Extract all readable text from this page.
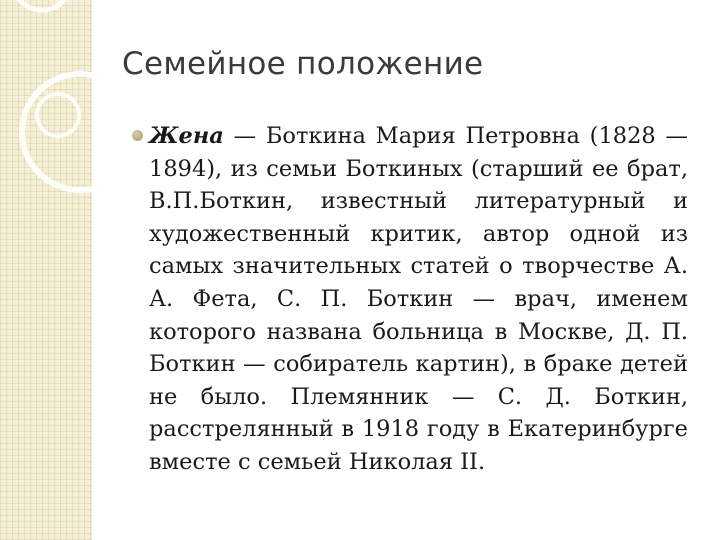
Семейное положение

Жена — Боткина Мария Петровна (1828 —1894), из семьи Боткиных (старший ее брат, В.П.Боткин, известный литературный и художественный критик, автор одной из самых значительных статей о творчестве А. А. Фета, С. П. Боткин — врач, именем которого названа больница в Москве, Д. П. Боткин — собиратель картин), в браке детей не было. Племянник — С. Д. Боткин, расстрелянный в 1918 году в Екатеринбурге вместе с семьей Николая II.
